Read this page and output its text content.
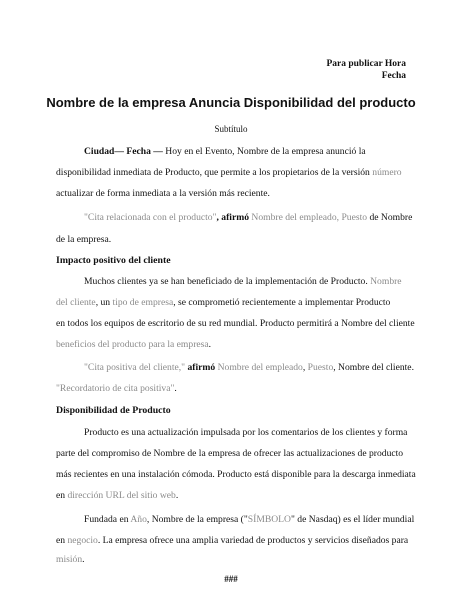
Para publicar Hora
Fecha
Nombre de la empresa Anuncia Disponibilidad del producto
Subtítulo
Ciudad— Fecha — Hoy en el Evento, Nombre de la empresa anunció la
disponibilidad inmediata de Producto, que permite a los propietarios de la versión número
actualizar de forma inmediata a la versión más reciente.
"Cita relacionada con el producto", afirmó Nombre del empleado, Puesto de Nombre
de la empresa.
Impacto positivo del cliente
Muchos clientes ya se han beneficiado de la implementación de Producto. Nombre
del cliente, un tipo de empresa, se comprometió recientemente a implementar Producto
en todos los equipos de escritorio de su red mundial. Producto permitirá a Nombre del cliente
beneficios del producto para la empresa.
"Cita positiva del cliente," afirmó Nombre del empleado, Puesto, Nombre del cliente.
"Recordatorio de cita positiva".
Disponibilidad de Producto
Producto es una actualización impulsada por los comentarios de los clientes y forma
parte del compromiso de Nombre de la empresa de ofrecer las actualizaciones de producto
más recientes en una instalación cómoda. Producto está disponible para la descarga inmediata
en dirección URL del sitio web.
Fundada en Año, Nombre de la empresa ("SÍMBOLO" de Nasdaq) es el líder mundial
en negocio. La empresa ofrece una amplia variedad de productos y servicios diseñados para
misión.
###
